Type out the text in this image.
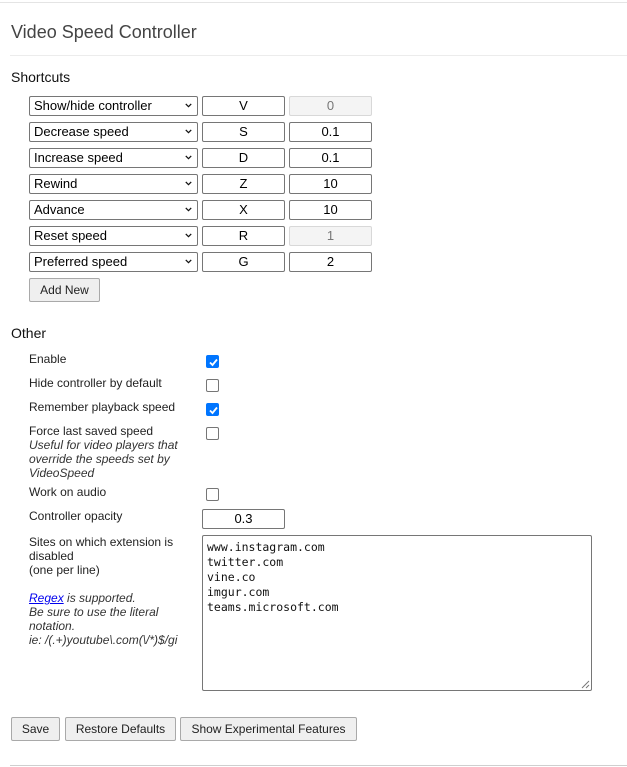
Video Speed Controller
Shortcuts
Show/hide controller	V	0
Decrease speed	S	0.1
Increase speed	D	0.1
Rewind	Z	10
Advance	X	10
Reset speed	R	1
Preferred speed	G	2
Add New
Other
Enable
Hide controller by default
Remember playback speed
Force last saved speed
Useful for video players that
override the speeds set by
VideoSpeed
Work on audio
Controller opacity	0.3
Sites on which extension is
disabled
(one per line)
Regex is supported.
Be sure to use the literal
notation.
ie: /(.+)youtube\.com(\/*)$/gi
www.instagram.com
twitter.com
vine.co
imgur.com
teams.microsoft.com
Save	Restore Defaults	Show Experimental Features
